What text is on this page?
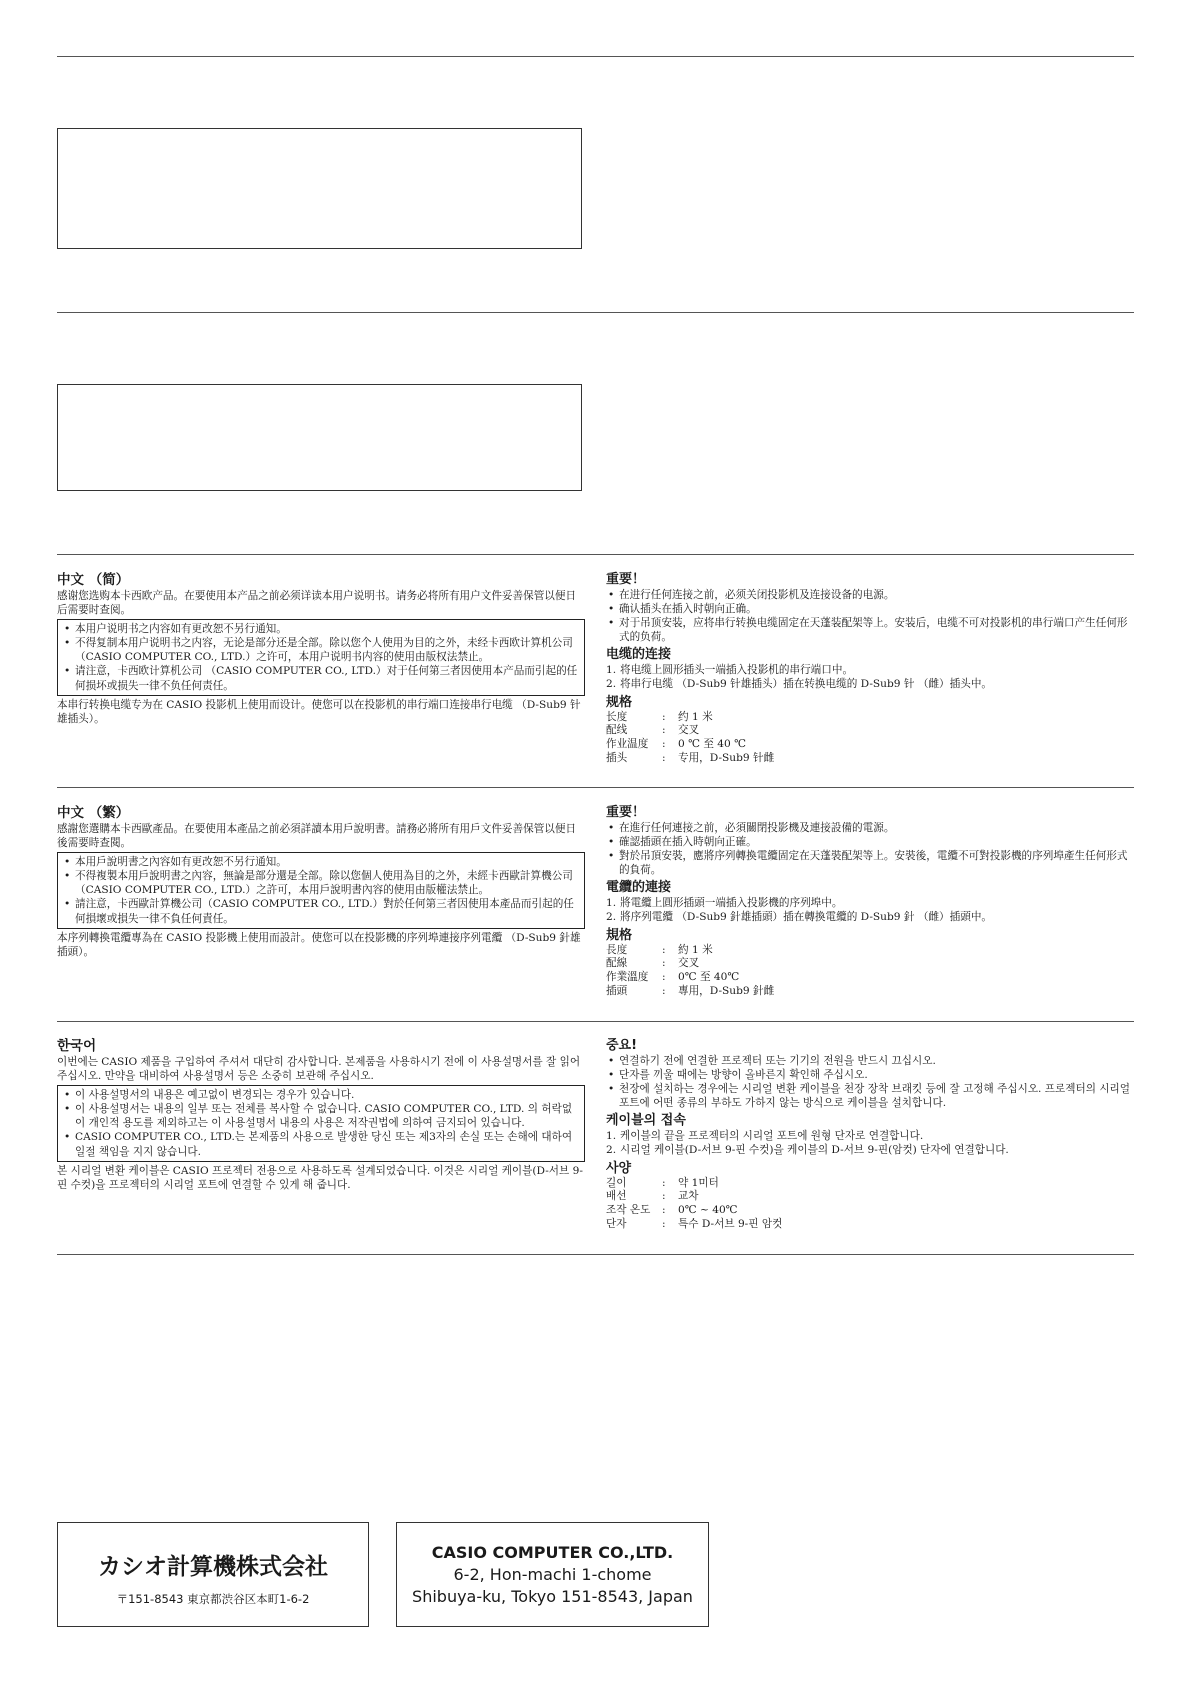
中文 （简）

感谢您选购本卡西欧产品。在要使用本产品之前必须详读本用户说明书。请务必将所有用户文件妥善保管以便日后需要时查阅。

• 本用户说明书之内容如有更改恕不另行通知。
• 不得复制本用户说明书之内容，无论是部分还是全部。除以您个人使用为目的之外，未经卡西欧计算机公司 （CASIO COMPUTER CO., LTD.）之许可，本用户说明书内容的使用由版权法禁止。
• 请注意，卡西欧计算机公司 （CASIO COMPUTER CO., LTD.）对于任何第三者因使用本产品而引起的任何损坏或损失一律不负任何责任。

本串行转换电缆专为在 CASIO 投影机上使用而设计。使您可以在投影机的串行端口连接串行电缆 （D-Sub9 针雄插头）。

重要！
• 在进行任何连接之前，必须关闭投影机及连接设备的电源。
• 确认插头在插入时朝向正确。
• 对于吊顶安装，应将串行转换电缆固定在天蓬装配架等上。安装后，电缆不可对投影机的串行端口产生任何形式的负荷。
电缆的连接
1. 将电缆上圆形插头一端插入投影机的串行端口中。
2. 将串行电缆 （D-Sub9 针雄插头）插在转换电缆的 D-Sub9 针 （雌）插头中。
规格
长度	:	约 1 米
配线	:	交叉
作业温度	:	0 ℃ 至 40 ℃
插头	:	专用，D-Sub9 针雌
中文 （繁）

感謝您選購本卡西歐產品。在要使用本產品之前必須詳讀本用戶說明書。請務必將所有用戶文件妥善保管以便日後需要時查閱。

• 本用戶說明書之內容如有更改恕不另行通知。
• 不得複製本用戶說明書之內容，無論是部分還是全部。除以您個人使用為目的之外，未經卡西歐計算機公司（CASIO COMPUTER CO., LTD.）之許可，本用戶說明書內容的使用由版權法禁止。
• 請注意，卡西歐計算機公司（CASIO COMPUTER CO., LTD.）對於任何第三者因使用本產品而引起的任何損壞或損失一律不負任何責任。

本序列轉換電纜專為在 CASIO 投影機上使用而設計。使您可以在投影機的序列埠連接序列電纜 （D-Sub9 針雄插頭）。

重要！
• 在進行任何連接之前，必須關閉投影機及連接設備的電源。
• 確認插頭在插入時朝向正確。
• 對於吊頂安裝，應將序列轉換電纜固定在天蓬裝配架等上。安裝後，電纜不可對投影機的序列埠產生任何形式的負荷。
電纜的連接
1. 將電纜上圓形插頭一端插入投影機的序列埠中。
2. 將序列電纜 （D-Sub9 針雄插頭）插在轉換電纜的 D-Sub9 針 （雌）插頭中。
規格
長度	:	約 1 米
配線	:	交叉
作業溫度	:	0℃ 至 40℃
插頭	:	專用，D-Sub9 針雌
한국어

이번에는 CASIO 제품을 구입하여 주셔서 대단히 감사합니다. 본제품을 사용하시기 전에 이 사용설명서를 잘 읽어 주십시오. 만약을 대비하여 사용설명서 등은 소중히 보관해 주십시오.

• 이 사용설명서의 내용은 예고없이 변경되는 경우가 있습니다.
• 이 사용설명서는 내용의 일부 또는 전체를 복사할 수 없습니다. CASIO COMPUTER CO., LTD. 의 허락없이 개인적 용도를 제외하고는 이 사용설명서 내용의 사용은 저작권법에 의하여 금지되어 있습니다.
• CASIO COMPUTER CO., LTD.는 본제품의 사용으로 발생한 당신 또는 제3자의 손실 또는 손해에 대하여 일절 책임을 지지 않습니다.

본 시리얼 변환 케이블은 CASIO 프로젝터 전용으로 사용하도록 설계되었습니다. 이것은 시리얼 케이블(D-서브 9-핀 수컷)을 프로젝터의 시리얼 포트에 연결할 수 있게 해 줍니다.

중요!
• 연결하기 전에 연결한 프로젝터 또는 기기의 전원을 반드시 끄십시오.
• 단자를 끼울 때에는 방향이 올바른지 확인해 주십시오.
• 천장에 설치하는 경우에는 시리얼 변환 케이블을 천장 장착 브래킷 등에 잘 고정해 주십시오. 프로젝터의 시리얼 포트에 어떤 종류의 부하도 가하지 않는 방식으로 케이블을 설치합니다.
케이블의 접속
1. 케이블의 끝을 프로젝터의 시리얼 포트에 원형 단자로 연결합니다.
2. 시리얼 케이블(D-서브 9-핀 수컷)을 케이블의 D-서브 9-핀(암컷) 단자에 연결합니다.
사양
길이	:	약 1미터
배선	:	교차
조작 온도	:	0℃ ~ 40℃
단자	:	특수 D-서브 9-핀 암컷
カシオ計算機株式会社
〒151-8543 東京都渋谷区本町1-6-2
CASIO COMPUTER CO.,LTD.
6-2, Hon-machi 1-chome
Shibuya-ku, Tokyo 151-8543, Japan
